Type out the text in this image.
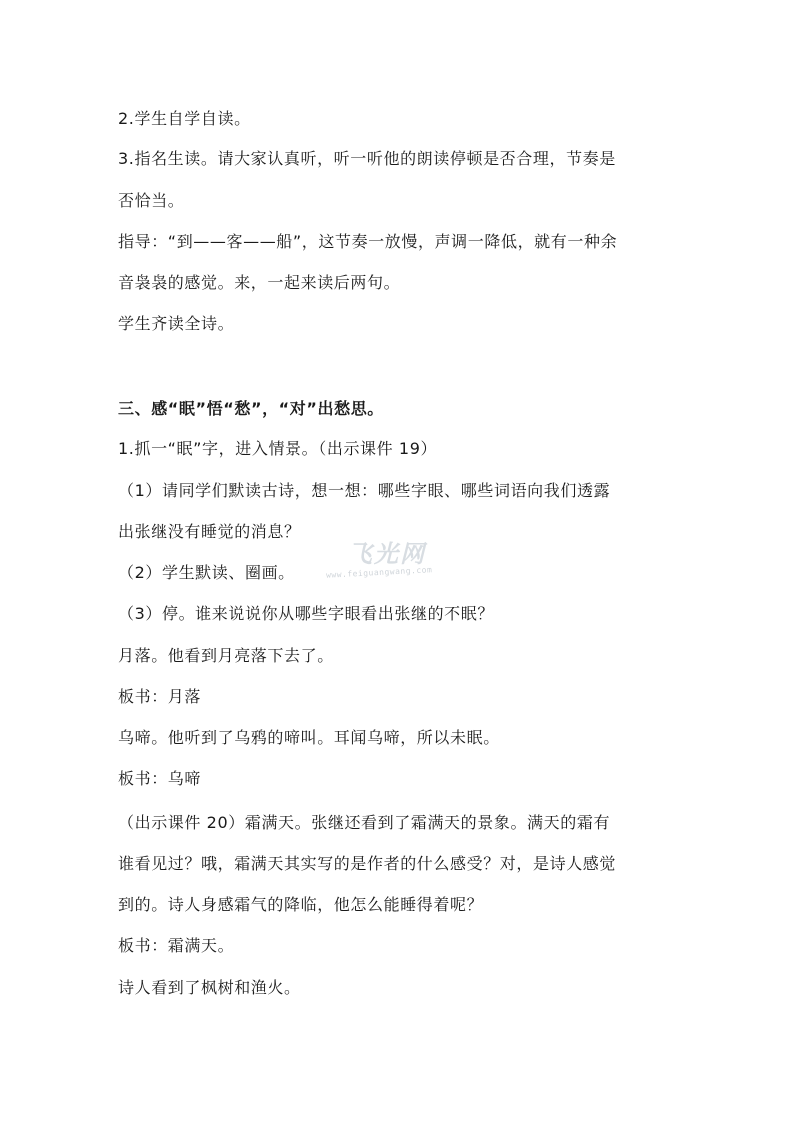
2.学生自学自读。
3.指名生读。请大家认真听，听一听他的朗读停顿是否合理，节奏是
否恰当。
指导：“到——客——船”，这节奏一放慢，声调一降低，就有一种余
音袅袅的感觉。来，一起来读后两句。
学生齐读全诗。
三、感“眠”悟“愁”，“对”出愁思。
1.抓一“眠”字，进入情景。（出示课件 19）
（1）请同学们默读古诗，想一想：哪些字眼、哪些词语向我们透露
出张继没有睡觉的消息？
（2）学生默读、圈画。
（3）停。谁来说说你从哪些字眼看出张继的不眠？
月落。他看到月亮落下去了。
板书：月落
乌啼。他听到了乌鸦的啼叫。耳闻乌啼，所以未眠。
板书：乌啼
（出示课件 20）霜满天。张继还看到了霜满天的景象。满天的霜有
谁看见过？哦，霜满天其实写的是作者的什么感受？对，是诗人感觉
到的。诗人身感霜气的降临，他怎么能睡得着呢？
板书：霜满天。
诗人看到了枫树和渔火。
飞光网
www.feiguangwang.com
